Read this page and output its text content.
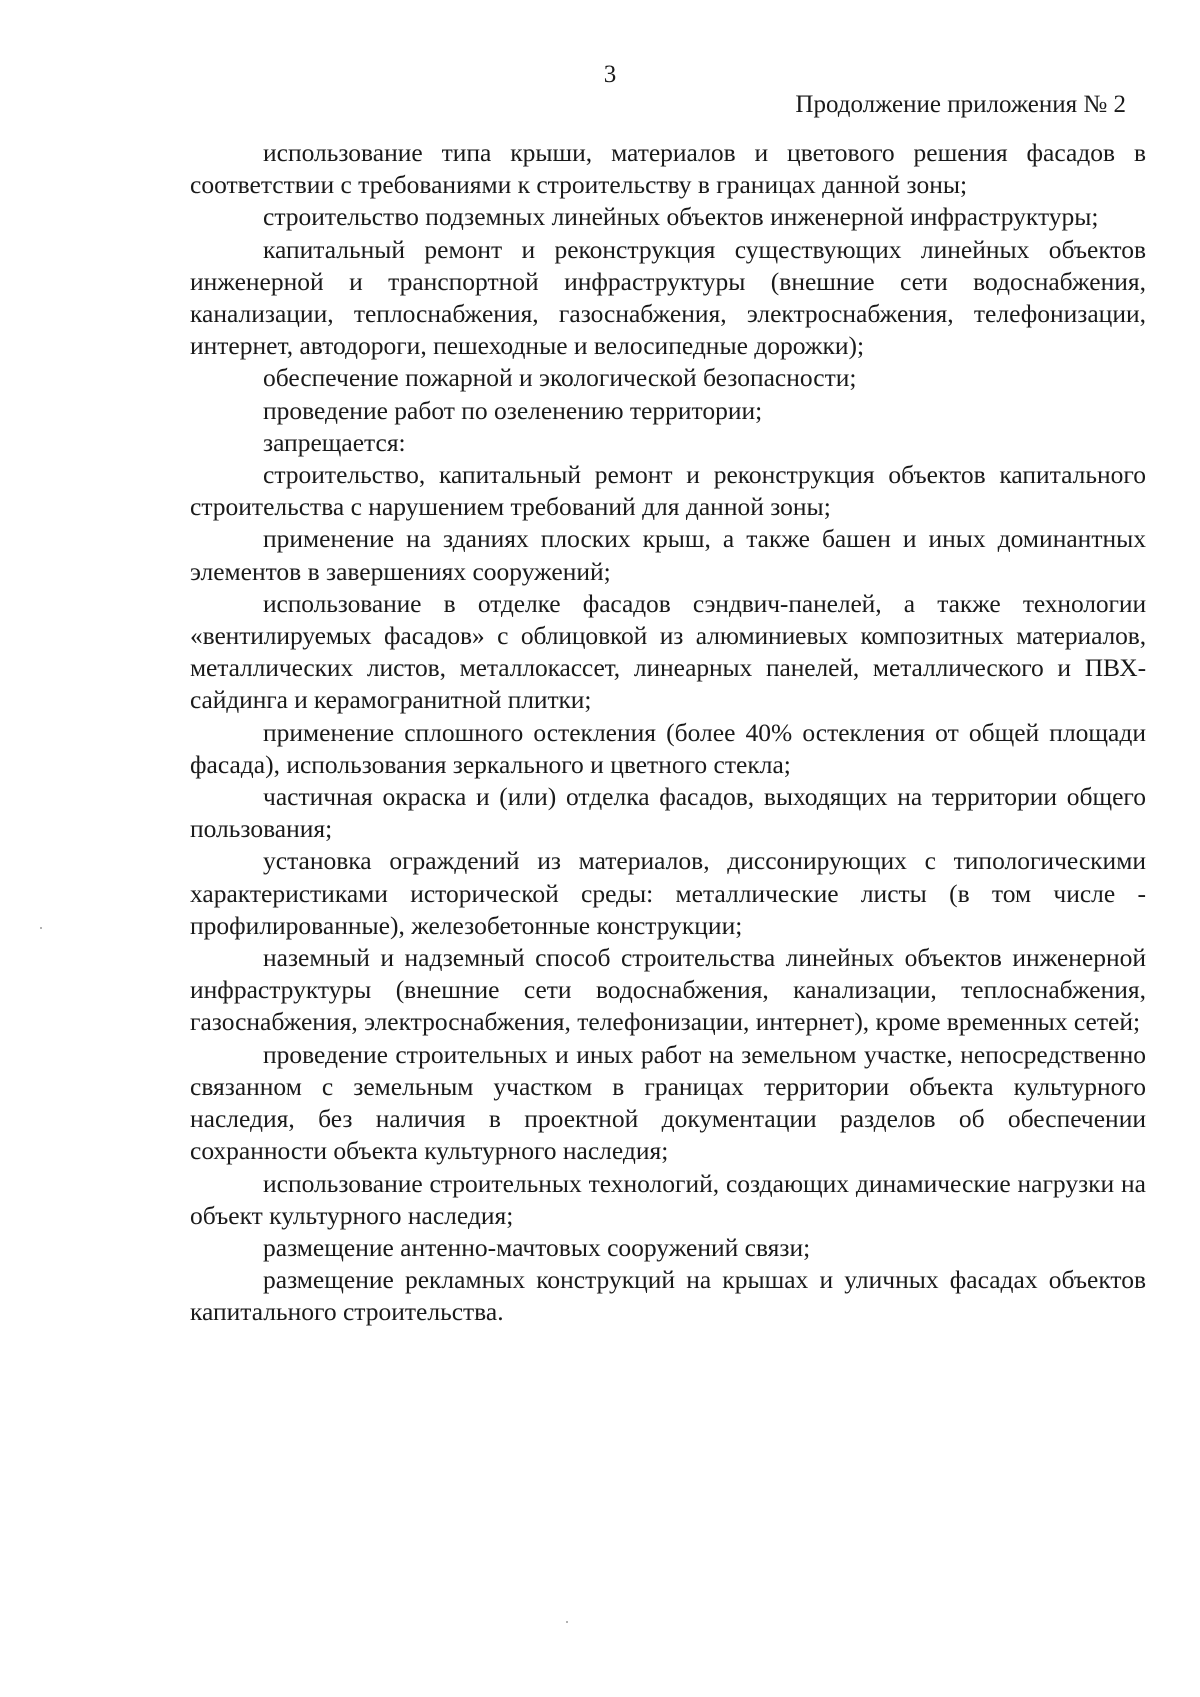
3
Продолжение приложения № 2

использование типа крыши, материалов и цветового решения фасадов в соответствии с требованиями к строительству в границах данной зоны;

строительство подземных линейных объектов инженерной инфраструктуры;

капитальный ремонт и реконструкция существующих линейных объектов инженерной и транспортной инфраструктуры (внешние сети водоснабжения, канализации, теплоснабжения, газоснабжения, электроснабжения, телефонизации, интернет, автодороги, пешеходные и велосипедные дорожки);

обеспечение пожарной и экологической безопасности;

проведение работ по озеленению территории;

запрещается:

строительство, капитальный ремонт и реконструкция объектов капитального строительства с нарушением требований для данной зоны;

применение на зданиях плоских крыш, а также башен и иных доминантных элементов в завершениях сооружений;

использование в отделке фасадов сэндвич-панелей, а также технологии «вентилируемых фасадов» с облицовкой из алюминиевых композитных материалов, металлических листов, металлокассет, линеарных панелей, металлического и ПВХ-сайдинга и керамогранитной плитки;

применение сплошного остекления (более 40% остекления от общей площади фасада), использования зеркального и цветного стекла;

частичная окраска и (или) отделка фасадов, выходящих на территории общего пользования;

установка ограждений из материалов, диссонирующих с типологическими характеристиками исторической среды: металлические листы (в том числе - профилированные), железобетонные конструкции;

наземный и надземный способ строительства линейных объектов инженерной инфраструктуры (внешние сети водоснабжения, канализации, теплоснабжения, газоснабжения, электроснабжения, телефонизации, интернет), кроме временных сетей;

проведение строительных и иных работ на земельном участке, непосредственно связанном с земельным участком в границах территории объекта культурного наследия, без наличия в проектной документации разделов об обеспечении сохранности объекта культурного наследия;

использование строительных технологий, создающих динамические нагрузки на объект культурного наследия;

размещение антенно-мачтовых сооружений связи;

размещение рекламных конструкций на крышах и уличных фасадах объектов капитального строительства.
